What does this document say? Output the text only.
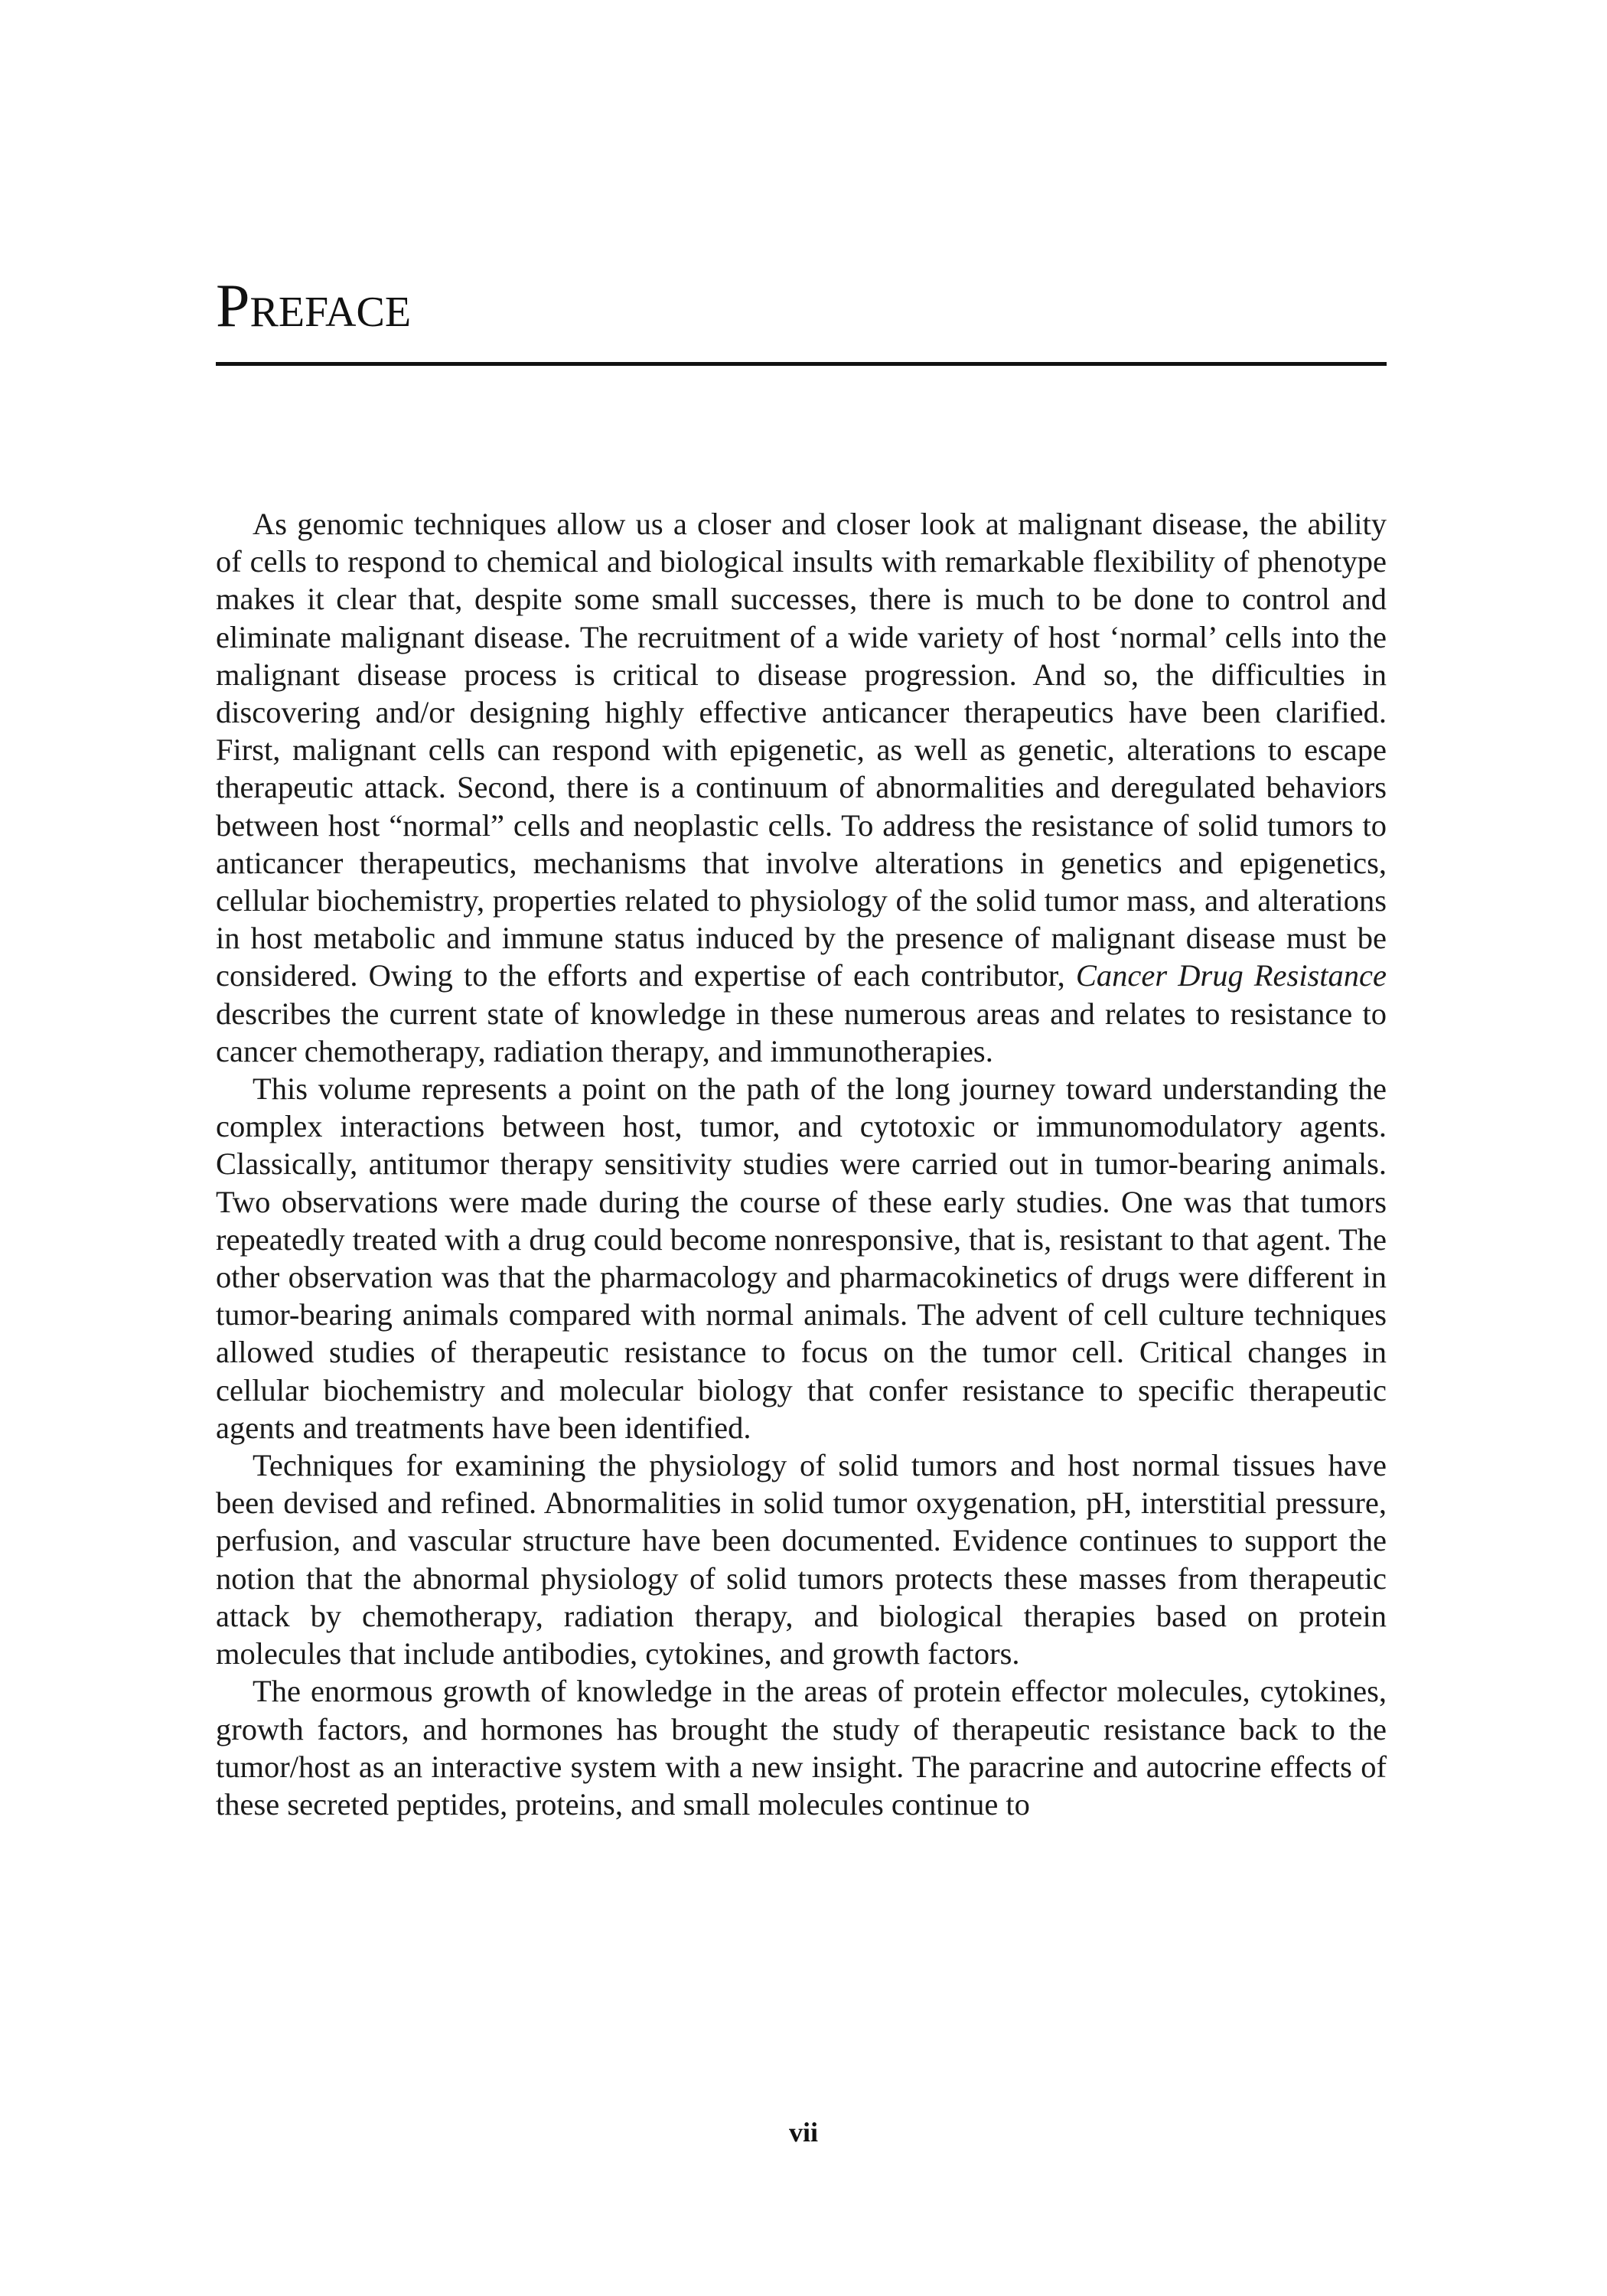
Preface

As genomic techniques allow us a closer and closer look at malignant disease, the ability of cells to respond to chemical and biological insults with remarkable flexibility of phenotype makes it clear that, despite some small successes, there is much to be done to control and eliminate malignant disease. The recruitment of a wide variety of host ‘normal’ cells into the malignant disease process is critical to disease progression. And so, the difficulties in discovering and/or designing highly effective anticancer therapeutics have been clarified. First, malignant cells can respond with epigenetic, as well as genetic, alterations to escape therapeutic attack. Second, there is a continuum of abnormalities and deregulated behaviors between host “normal” cells and neoplastic cells. To address the resistance of solid tumors to anticancer therapeutics, mechanisms that involve alterations in genetics and epigenetics, cellular biochemistry, properties related to physiology of the solid tumor mass, and alterations in host metabolic and immune status induced by the presence of malignant disease must be considered. Owing to the efforts and expertise of each contributor, Cancer Drug Resistance describes the current state of knowledge in these numerous areas and relates to resistance to cancer chemotherapy, radiation therapy, and immunotherapies.

This volume represents a point on the path of the long journey toward understanding the complex interactions between host, tumor, and cytotoxic or immunomodulatory agents. Classically, antitumor therapy sensitivity studies were carried out in tumor-bearing animals. Two observations were made during the course of these early studies. One was that tumors repeatedly treated with a drug could become nonresponsive, that is, resistant to that agent. The other observation was that the pharmacology and pharmacokinetics of drugs were different in tumor-bearing animals compared with normal animals. The advent of cell culture techniques allowed studies of therapeutic resistance to focus on the tumor cell. Critical changes in cellular biochemistry and molecular biology that confer resistance to specific therapeutic agents and treatments have been identified.

Techniques for examining the physiology of solid tumors and host normal tissues have been devised and refined. Abnormalities in solid tumor oxygenation, pH, interstitial pressure, perfusion, and vascular structure have been documented. Evidence continues to support the notion that the abnormal physiology of solid tumors protects these masses from therapeutic attack by chemotherapy, radiation therapy, and biological therapies based on protein molecules that include antibodies, cytokines, and growth factors.

The enormous growth of knowledge in the areas of protein effector molecules, cytokines, growth factors, and hormones has brought the study of therapeutic resistance back to the tumor/host as an interactive system with a new insight. The paracrine and autocrine effects of these secreted peptides, proteins, and small molecules continue to

vii
